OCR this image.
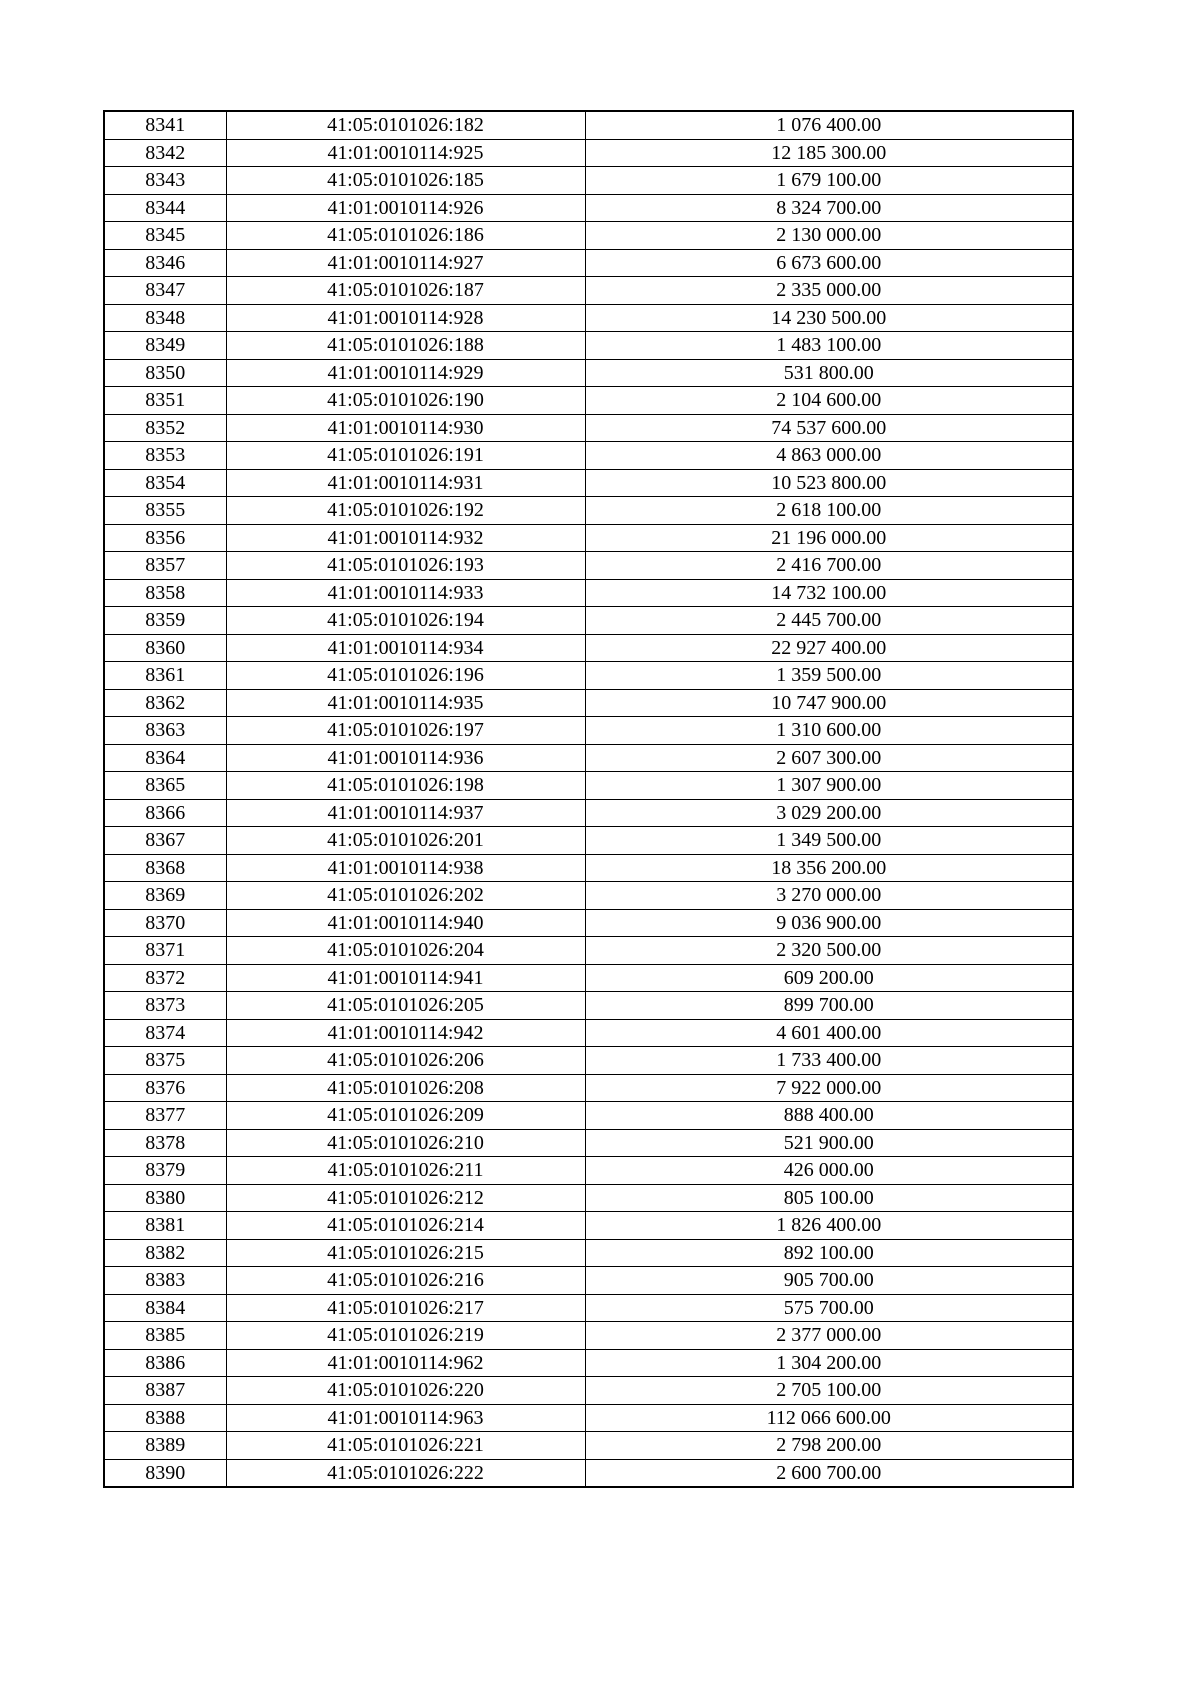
8341	41:05:0101026:182	1 076 400.00
8342	41:01:0010114:925	12 185 300.00
8343	41:05:0101026:185	1 679 100.00
8344	41:01:0010114:926	8 324 700.00
8345	41:05:0101026:186	2 130 000.00
8346	41:01:0010114:927	6 673 600.00
8347	41:05:0101026:187	2 335 000.00
8348	41:01:0010114:928	14 230 500.00
8349	41:05:0101026:188	1 483 100.00
8350	41:01:0010114:929	531 800.00
8351	41:05:0101026:190	2 104 600.00
8352	41:01:0010114:930	74 537 600.00
8353	41:05:0101026:191	4 863 000.00
8354	41:01:0010114:931	10 523 800.00
8355	41:05:0101026:192	2 618 100.00
8356	41:01:0010114:932	21 196 000.00
8357	41:05:0101026:193	2 416 700.00
8358	41:01:0010114:933	14 732 100.00
8359	41:05:0101026:194	2 445 700.00
8360	41:01:0010114:934	22 927 400.00
8361	41:05:0101026:196	1 359 500.00
8362	41:01:0010114:935	10 747 900.00
8363	41:05:0101026:197	1 310 600.00
8364	41:01:0010114:936	2 607 300.00
8365	41:05:0101026:198	1 307 900.00
8366	41:01:0010114:937	3 029 200.00
8367	41:05:0101026:201	1 349 500.00
8368	41:01:0010114:938	18 356 200.00
8369	41:05:0101026:202	3 270 000.00
8370	41:01:0010114:940	9 036 900.00
8371	41:05:0101026:204	2 320 500.00
8372	41:01:0010114:941	609 200.00
8373	41:05:0101026:205	899 700.00
8374	41:01:0010114:942	4 601 400.00
8375	41:05:0101026:206	1 733 400.00
8376	41:05:0101026:208	7 922 000.00
8377	41:05:0101026:209	888 400.00
8378	41:05:0101026:210	521 900.00
8379	41:05:0101026:211	426 000.00
8380	41:05:0101026:212	805 100.00
8381	41:05:0101026:214	1 826 400.00
8382	41:05:0101026:215	892 100.00
8383	41:05:0101026:216	905 700.00
8384	41:05:0101026:217	575 700.00
8385	41:05:0101026:219	2 377 000.00
8386	41:01:0010114:962	1 304 200.00
8387	41:05:0101026:220	2 705 100.00
8388	41:01:0010114:963	112 066 600.00
8389	41:05:0101026:221	2 798 200.00
8390	41:05:0101026:222	2 600 700.00
